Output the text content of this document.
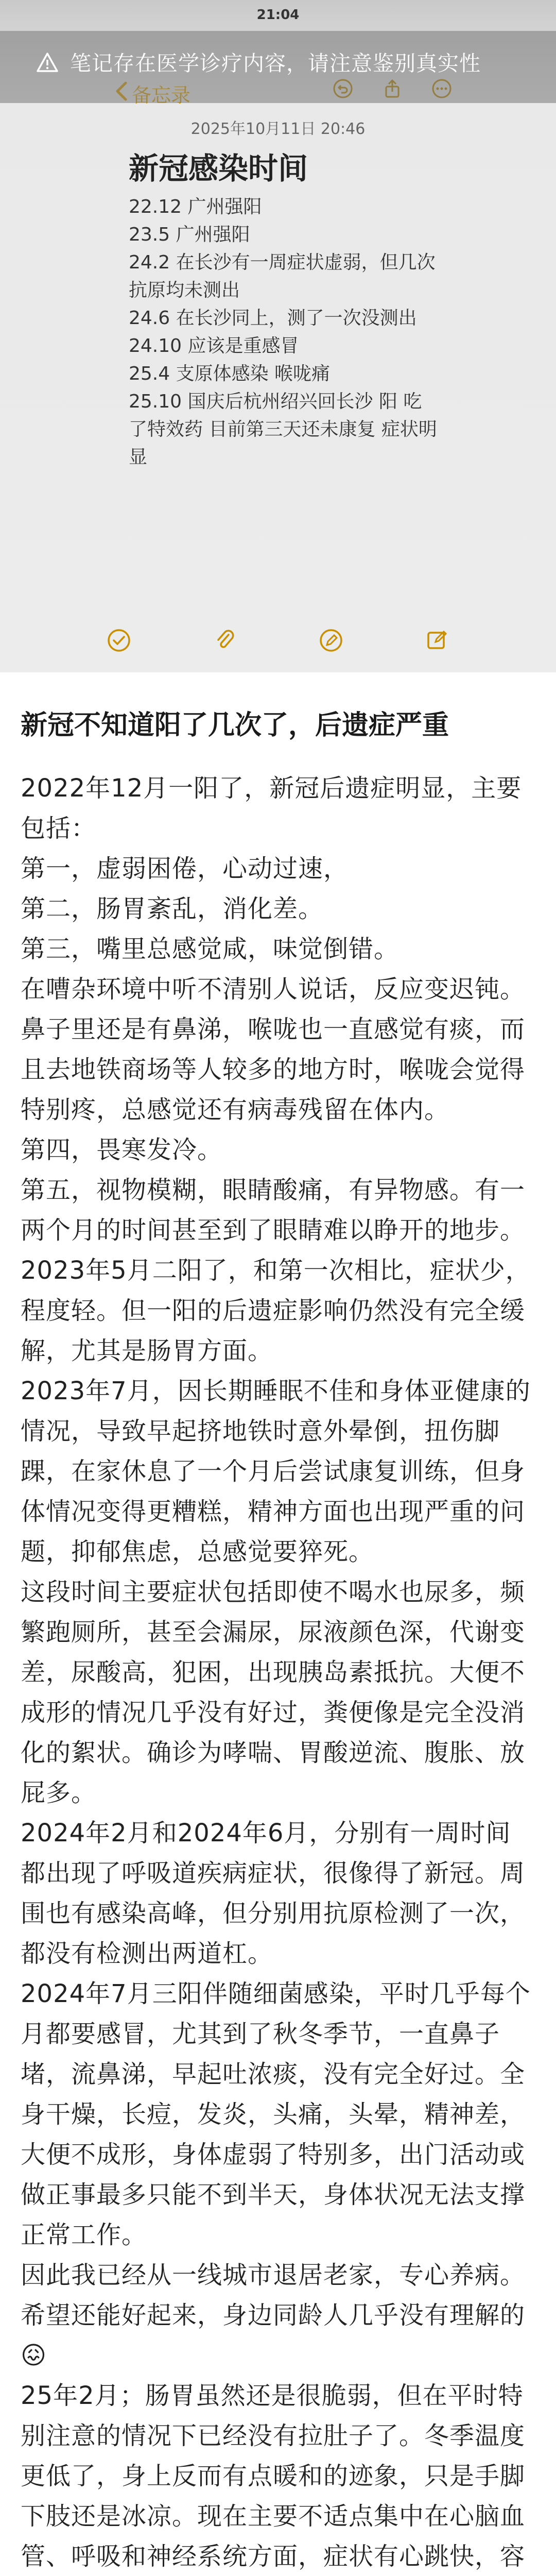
21:04
笔记存在医学诊疗内容，请注意鉴别真实性
2025年10月11日 20:46
新冠感染时间
22.12 广州强阳
23.5 广州强阳
24.2 在长沙有一周症状虚弱，但几次抗原均未测出
24.6 在长沙同上，测了一次没测出
24.10 应该是重感冒
25.4 支原体感染 喉咙痛
25.10 国庆后杭州绍兴回长沙 阳 吃了特效药 目前第三天还未康复 症状明显
新冠不知道阳了几次了，后遗症严重

2022年12月一阳了，新冠后遗症明显，主要包括：

第一，虚弱困倦，心动过速，

第二，肠胃紊乱，消化差。

第三，嘴里总感觉咸，味觉倒错。

在嘈杂环境中听不清别人说话，反应变迟钝。鼻子里还是有鼻涕，喉咙也一直感觉有痰，而且去地铁商场等人较多的地方时，喉咙会觉得特别疼，总感觉还有病毒残留在体内。

第四，畏寒发冷。

第五，视物模糊，眼睛酸痛，有异物感。有一两个月的时间甚至到了眼睛难以睁开的地步。

2023年5月二阳了，和第一次相比，症状少，程度轻。但一阳的后遗症影响仍然没有完全缓解，尤其是肠胃方面。

2023年7月，因长期睡眠不佳和身体亚健康的情况，导致早起挤地铁时意外晕倒，扭伤脚踝，在家休息了一个月后尝试康复训练，但身体情况变得更糟糕，精神方面也出现严重的问题，抑郁焦虑，总感觉要猝死。

这段时间主要症状包括即使不喝水也尿多，频繁跑厕所，甚至会漏尿，尿液颜色深，代谢变差，尿酸高，犯困，出现胰岛素抵抗。大便不成形的情况几乎没有好过，粪便像是完全没消化的絮状。确诊为哮喘、胃酸逆流、腹胀、放屁多。

2024年2月和2024年6月，分别有一周时间都出现了呼吸道疾病症状，很像得了新冠。周围也有感染高峰，但分别用抗原检测了一次，都没有检测出两道杠。

2024年7月三阳伴随细菌感染，平时几乎每个月都要感冒，尤其到了秋冬季节，一直鼻子堵，流鼻涕，早起吐浓痰，没有完全好过。全身干燥，长痘，发炎，头痛，头晕，精神差，大便不成形，身体虚弱了特别多，出门活动或做正事最多只能不到半天，身体状况无法支撑正常工作。

因此我已经从一线城市退居老家，专心养病。希望还能好起来，身边同龄人几乎没有理解的😖

25年2月；肠胃虽然还是很脆弱，但在平时特别注意的情况下已经没有拉肚子了。冬季温度更低了，身上反而有点暖和的迹象，只是手脚下肢还是冰凉。现在主要不适点集中在心脑血管、呼吸和神经系统方面，症状有心跳快，容
